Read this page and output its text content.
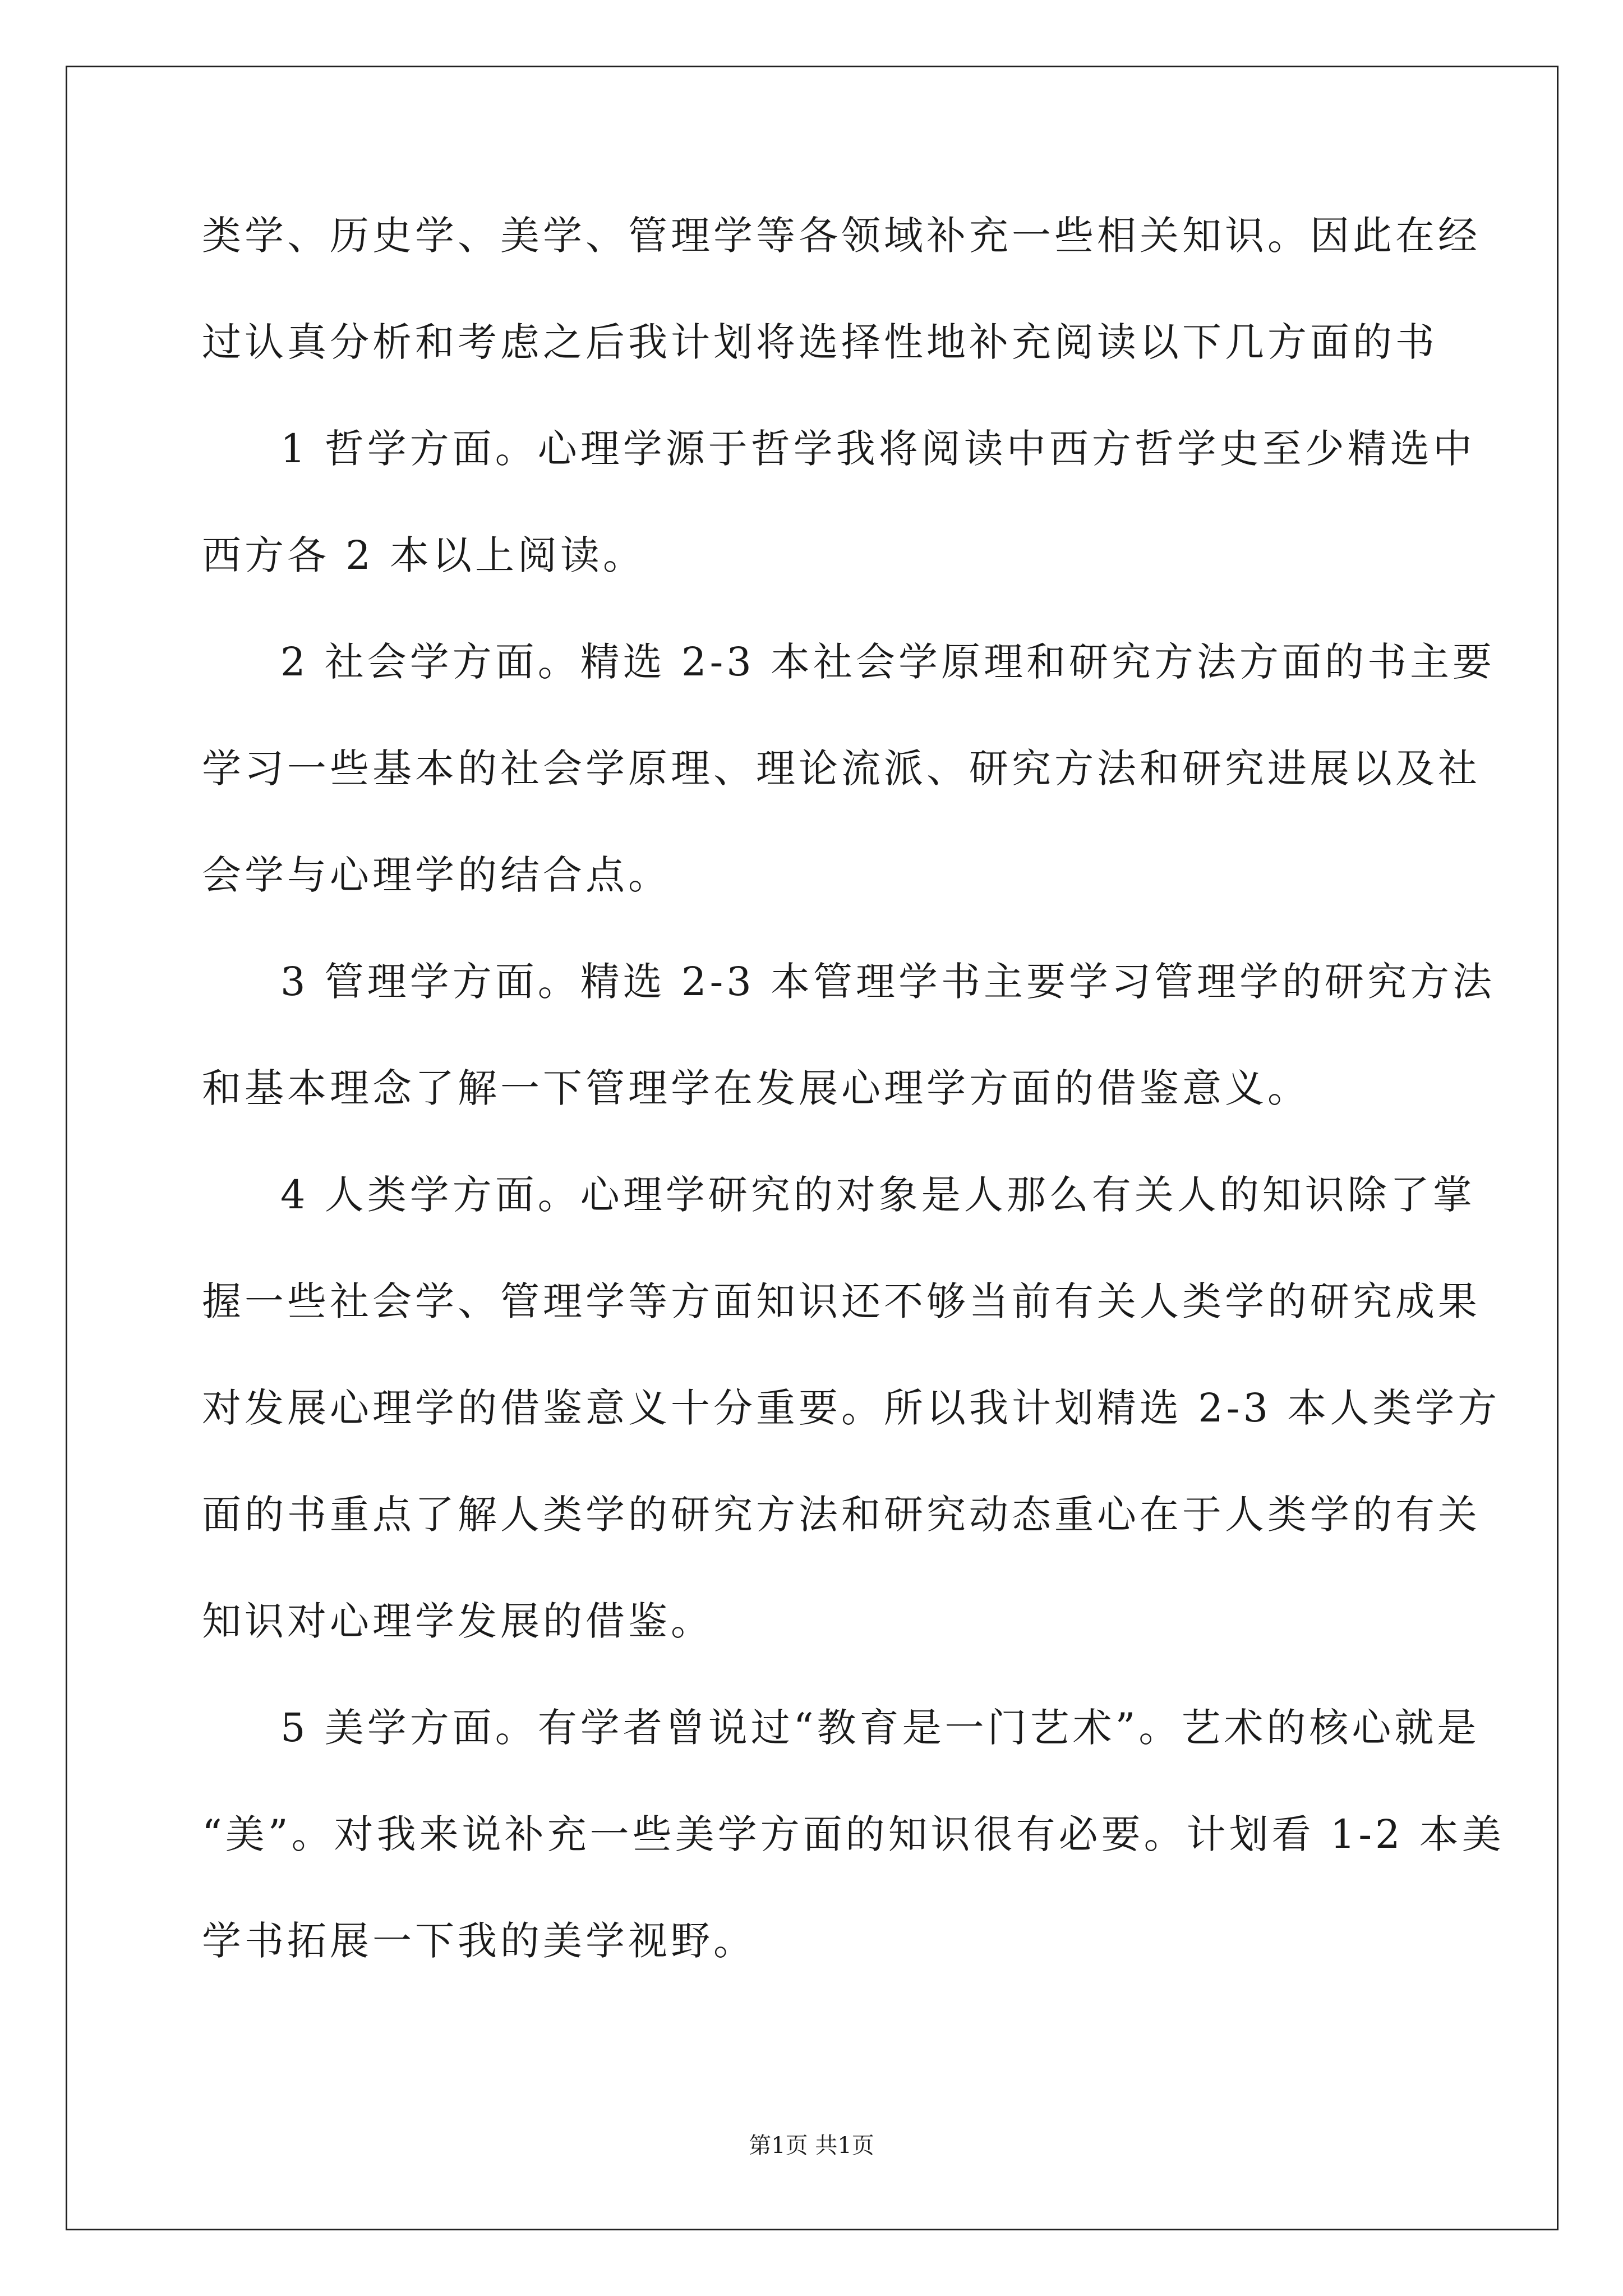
类学、历史学、美学、管理学等各领域补充一些相关知识。因此在经
过认真分析和考虑之后我计划将选择性地补充阅读以下几方面的书
1 哲学方面。心理学源于哲学我将阅读中西方哲学史至少精选中
西方各 2 本以上阅读。
2 社会学方面。精选 2-3 本社会学原理和研究方法方面的书主要
学习一些基本的社会学原理、理论流派、研究方法和研究进展以及社
会学与心理学的结合点。
3 管理学方面。精选 2-3 本管理学书主要学习管理学的研究方法
和基本理念了解一下管理学在发展心理学方面的借鉴意义。
4 人类学方面。心理学研究的对象是人那么有关人的知识除了掌
握一些社会学、管理学等方面知识还不够当前有关人类学的研究成果
对发展心理学的借鉴意义十分重要。所以我计划精选 2-3 本人类学方
面的书重点了解人类学的研究方法和研究动态重心在于人类学的有关
知识对心理学发展的借鉴。
5 美学方面。有学者曾说过“教育是一门艺术”。艺术的核心就是
“美”。对我来说补充一些美学方面的知识很有必要。计划看 1-2 本美
学书拓展一下我的美学视野。
第1页 共1页
